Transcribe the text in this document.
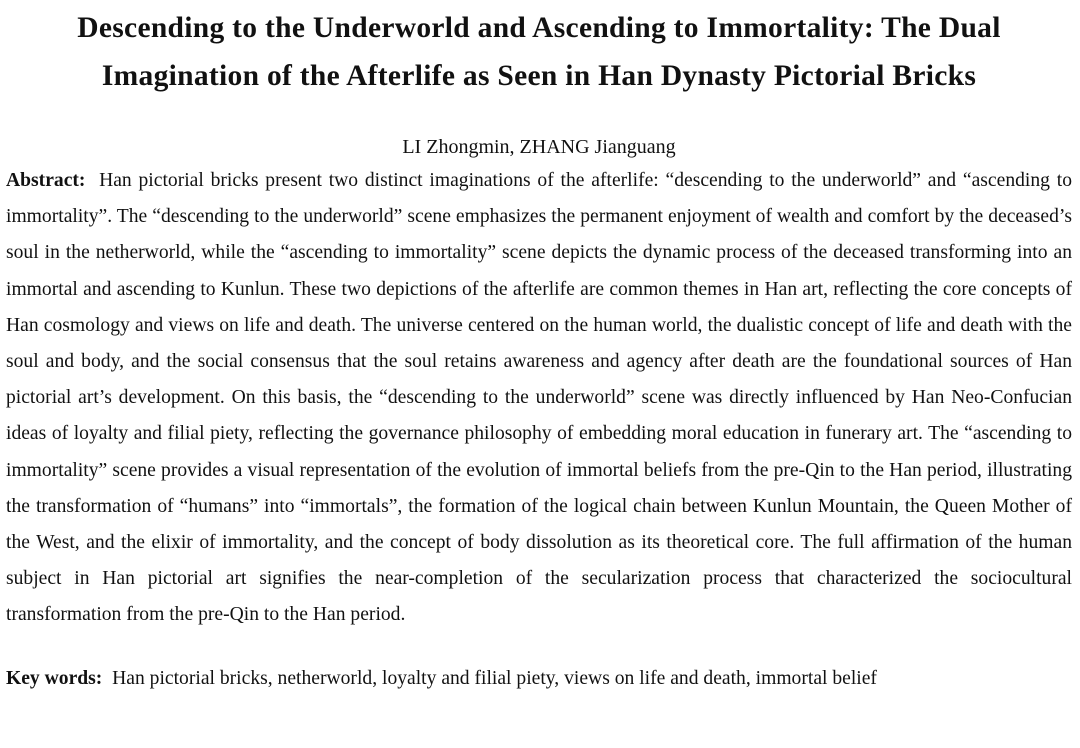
Descending to the Underworld and Ascending to Immortality: The Dual
Imagination of the Afterlife as Seen in Han Dynasty Pictorial Bricks

LI Zhongmin, ZHANG Jianguang

Abstract: Han pictorial bricks present two distinct imaginations of the afterlife: “descending to the underworld” and “ascending to immortality”. The “descending to the underworld” scene emphasizes the permanent enjoyment of wealth and comfort by the deceased’s soul in the netherworld, while the “ascending to immortality” scene depicts the dynamic process of the deceased transforming into an immortal and ascending to Kunlun. These two depictions of the afterlife are common themes in Han art, reflecting the core concepts of Han cosmology and views on life and death. The universe centered on the human world, the dualistic concept of life and death with the soul and body, and the social consensus that the soul retains awareness and agency after death are the foundational sources of Han pictorial art’s development. On this basis, the “descending to the underworld” scene was directly influenced by Han Neo-Confucian ideas of loyalty and filial piety, reflecting the governance philosophy of embedding moral education in funerary art. The “ascending to immortality” scene provides a visual representation of the evolution of immortal beliefs from the pre-Qin to the Han period, illustrating the transformation of “humans” into “immortals”, the formation of the logical chain between Kunlun Mountain, the Queen Mother of the West, and the elixir of immortality, and the concept of body dissolution as its theoretical core. The full affirmation of the human subject in Han pictorial art signifies the near-completion of the secularization process that characterized the sociocultural transformation from the pre-Qin to the Han period.

Key words: Han pictorial bricks, netherworld, loyalty and filial piety, views on life and death, immortal belief
